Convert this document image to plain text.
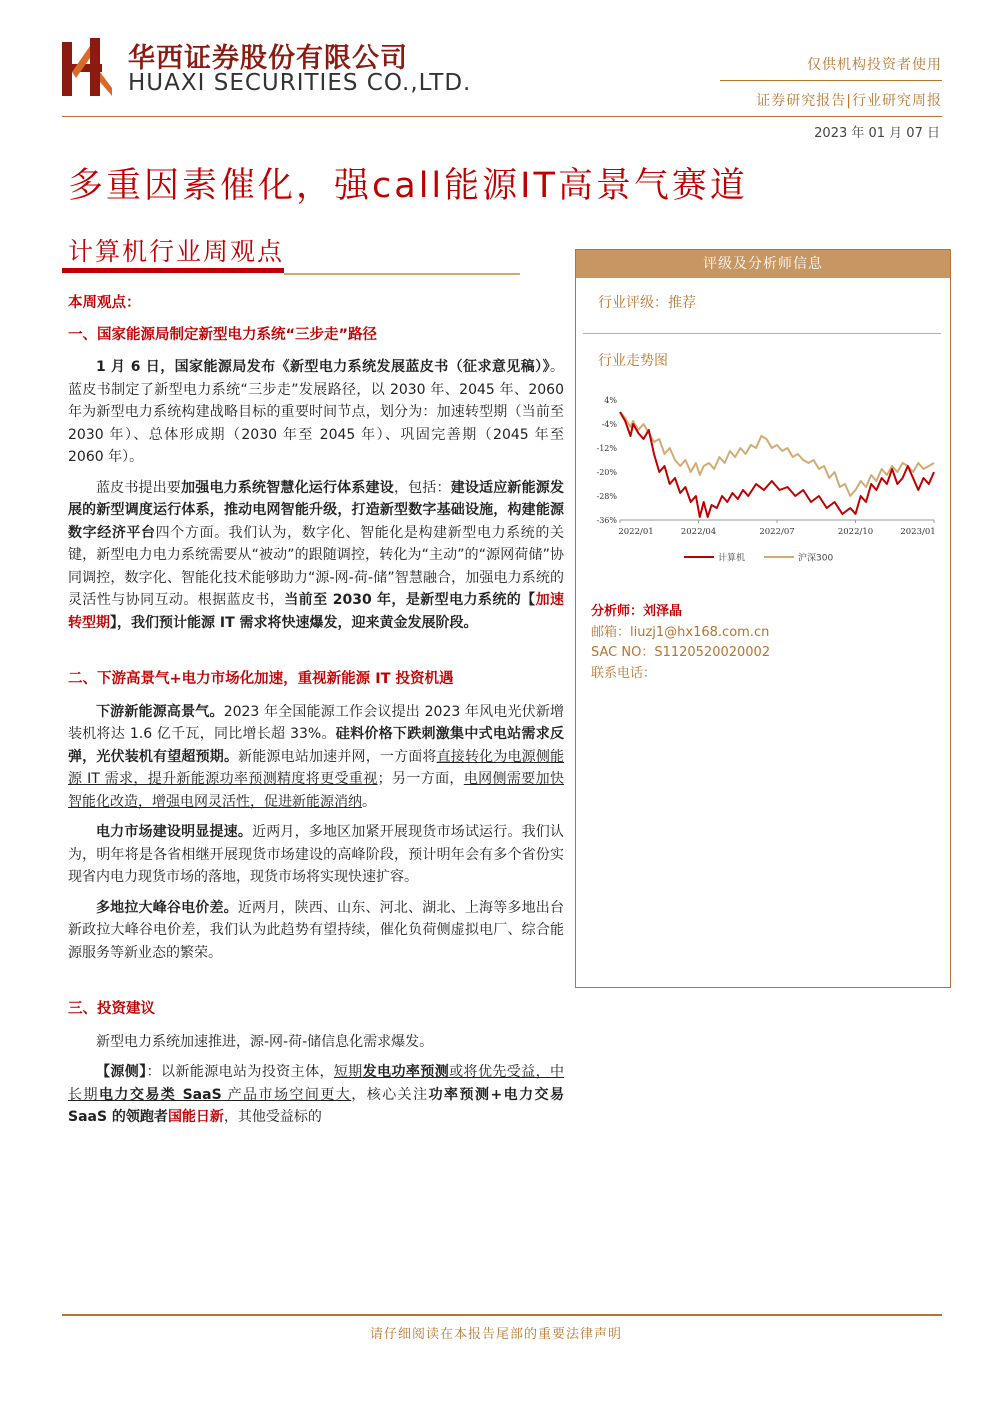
华西证券股份有限公司
HUAXI SECURITIES CO.,LTD.
仅供机构投资者使用
证券研究报告|行业研究周报
2023 年 01 月 07 日
多重因素催化，强call能源IT高景气赛道
计算机行业周观点
本周观点：
一、国家能源局制定新型电力系统“三步走”路径

1 月 6 日，国家能源局发布《新型电力系统发展蓝皮书（征求意见稿）》。蓝皮书制定了新型电力系统“三步走”发展路径，以 2030 年、2045 年、2060 年为新型电力系统构建战略目标的重要时间节点，划分为：加速转型期（当前至 2030 年）、总体形成期（2030 年至 2045 年）、巩固完善期（2045 年至 2060 年）。

蓝皮书提出要加强电力系统智慧化运行体系建设，包括：建设适应新能源发展的新型调度运行体系，推动电网智能升级，打造新型数字基础设施，构建能源数字经济平台四个方面。我们认为，数字化、智能化是构建新型电力系统的关键，新型电力电力系统需要从“被动”的跟随调控，转化为“主动”的“源网荷储”协同调控，数字化、智能化技术能够助力“源-网-荷-储”智慧融合，加强电力系统的灵活性与协同互动。根据蓝皮书，当前至 2030 年，是新型电力系统的【加速转型期】，我们预计能源 IT 需求将快速爆发，迎来黄金发展阶段。

二、下游高景气+电力市场化加速，重视新能源 IT 投资机遇

下游新能源高景气。2023 年全国能源工作会议提出 2023 年风电光伏新增装机将达 1.6 亿千瓦，同比增长超 33%。硅料价格下跌刺激集中式电站需求反弹，光伏装机有望超预期。新能源电站加速并网，一方面将直接转化为电源侧能源 IT 需求，提升新能源功率预测精度将更受重视；另一方面，电网侧需要加快智能化改造，增强电网灵活性，促进新能源消纳。

电力市场建设明显提速。近两月，多地区加紧开展现货市场试运行。我们认为，明年将是各省相继开展现货市场建设的高峰阶段，预计明年会有多个省份实现省内电力现货市场的落地，现货市场将实现快速扩容。

多地拉大峰谷电价差。近两月，陕西、山东、河北、湖北、上海等多地出台新政拉大峰谷电价差，我们认为此趋势有望持续，催化负荷侧虚拟电厂、综合能源服务等新业态的繁荣。

三、投资建议

新型电力系统加速推进，源-网-荷-储信息化需求爆发。

【源侧】：以新能源电站为投资主体，短期发电功率预测或将优先受益，中长期电力交易类 SaaS 产品市场空间更大，核心关注功率预测+电力交易 SaaS 的领跑者国能日新，其他受益标的

评级及分析师信息
行业评级：推荐
行业走势图
4%
-4%
-12%
-20%
-28%
-36%
2022/01	2022/04	2022/07	2022/10	2023/01
计算机	沪深300
分析师：刘泽晶
邮箱：liuzj1@hx168.com.cn
SAC NO：S1120520020002
联系电话：
请仔细阅读在本报告尾部的重要法律声明
